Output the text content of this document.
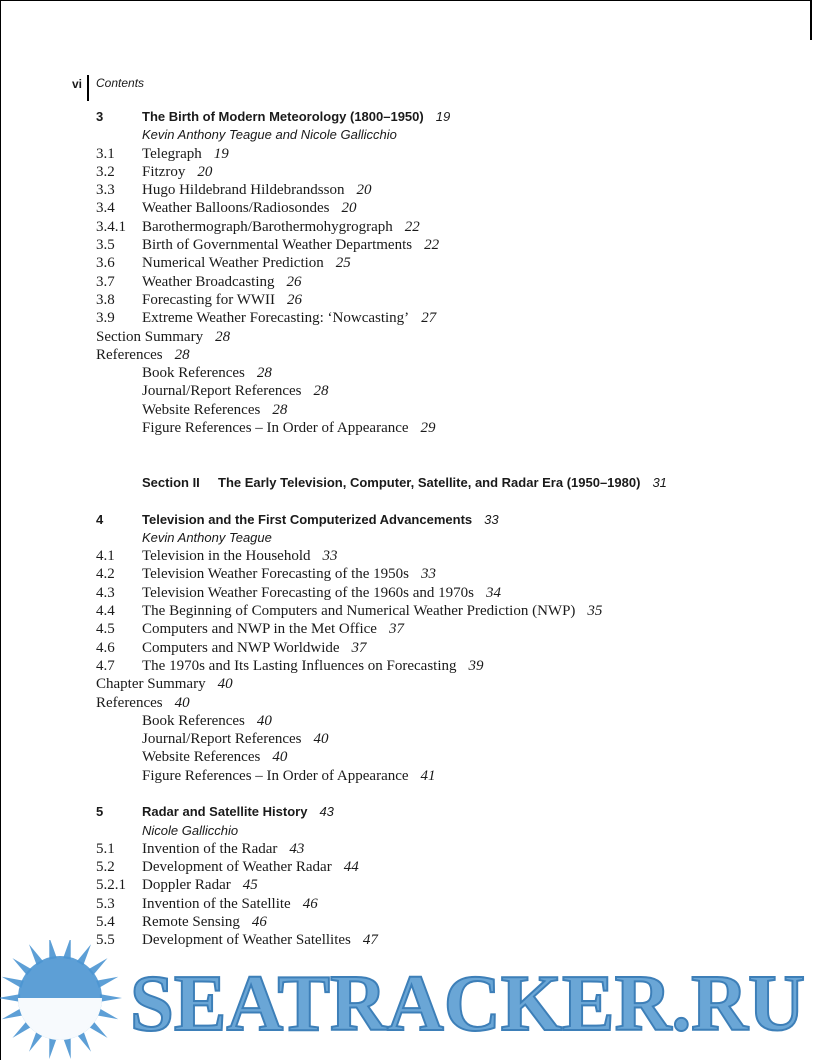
vi Contents
3	The Birth of Modern Meteorology (1800–1950) 19
Kevin Anthony Teague and Nicole Gallicchio
3.1 Telegraph 19
3.2 Fitzroy 20
3.3 Hugo Hildebrand Hildebrandsson 20
3.4 Weather Balloons/Radiosondes 20
3.4.1 Barothermograph/Barothermohygrograph 22
3.5 Birth of Governmental Weather Departments 22
3.6 Numerical Weather Prediction 25
3.7 Weather Broadcasting 26
3.8 Forecasting for WWII 26
3.9 Extreme Weather Forecasting: ‘Nowcasting’ 27
Section Summary 28
References 28
Book References 28
Journal/Report References 28
Website References 28
Figure References – In Order of Appearance 29
Section II The Early Television, Computer, Satellite, and Radar Era (1950–1980) 31
4	Television and the First Computerized Advancements 33
Kevin Anthony Teague
4.1 Television in the Household 33
4.2 Television Weather Forecasting of the 1950s 33
4.3 Television Weather Forecasting of the 1960s and 1970s 34
4.4 The Beginning of Computers and Numerical Weather Prediction (NWP) 35
4.5 Computers and NWP in the Met Office 37
4.6 Computers and NWP Worldwide 37
4.7 The 1970s and Its Lasting Influences on Forecasting 39
Chapter Summary 40
References 40
Book References 40
Journal/Report References 40
Website References 40
Figure References – In Order of Appearance 41
5	Radar and Satellite History 43
Nicole Gallicchio
5.1 Invention of the Radar 43
5.2 Development of Weather Radar 44
5.2.1 Doppler Radar 45
5.3 Invention of the Satellite 46
5.4 Remote Sensing 46
5.5 Development of Weather Satellites 47
SEATRACKER.RU
